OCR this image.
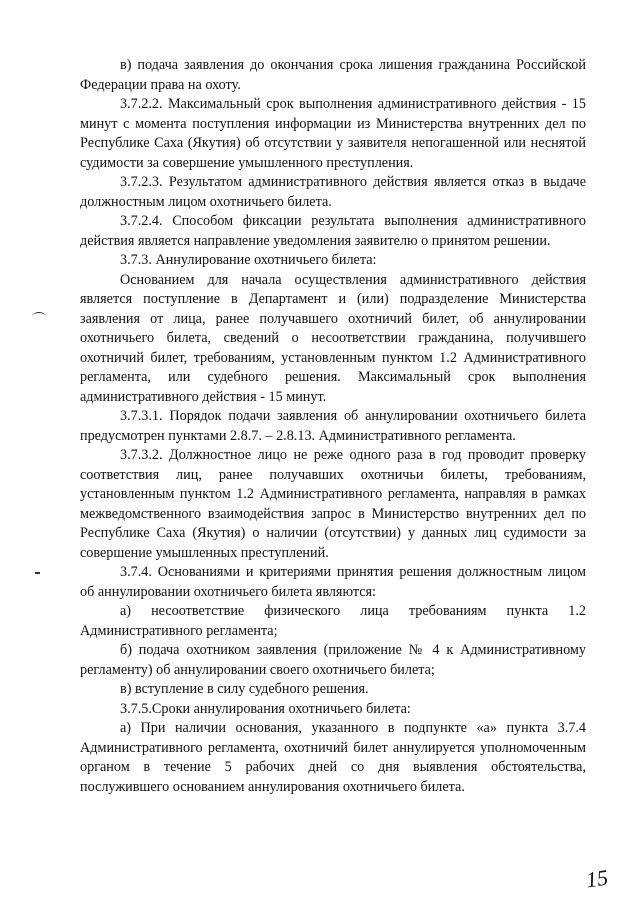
в) подача заявления до окончания срока лишения гражданина Российской Федерации права на охоту.

3.7.2.2. Максимальный срок выполнения административного действия - 15 минут с момента поступления информации из Министерства внутренних дел по Республике Саха (Якутия) об отсутствии у заявителя непогашенной или неснятой судимости за совершение умышленного преступления.

3.7.2.3. Результатом административного действия является отказ в выдаче должностным лицом охотничьего билета.

3.7.2.4. Способом фиксации результата выполнения административного действия является направление уведомления заявителю о принятом решении.

3.7.3. Аннулирование охотничьего билета:

Основанием для начала осуществления административного действия является поступление в Департамент и (или) подразделение Министерства заявления от лица, ранее получавшего охотничий билет, об аннулировании охотничьего билета, сведений о несоответствии гражданина, получившего охотничий билет, требованиям, установленным пунктом 1.2 Административного регламента, или судебного решения. Максимальный срок выполнения административного действия - 15 минут.

3.7.3.1. Порядок подачи заявления об аннулировании охотничьего билета предусмотрен пунктами 2.8.7. – 2.8.13. Административного регламента.

3.7.3.2. Должностное лицо не реже одного раза в год проводит проверку соответствия лиц, ранее получавших охотничьи билеты, требованиям, установленным пунктом 1.2 Административного регламента, направляя в рамках межведомственного взаимодействия запрос в Министерство внутренних дел по Республике Саха (Якутия) о наличии (отсутствии) у данных лиц судимости за совершение умышленных преступлений.

3.7.4. Основаниями и критериями принятия решения должностным лицом об аннулировании охотничьего билета являются:

а) несоответствие физического лица требованиям пункта 1.2 Административного регламента;

б) подача охотником заявления (приложение № 4 к Административному регламенту) об аннулировании своего охотничьего билета;

в) вступление в силу судебного решения.

3.7.5.Сроки аннулирования охотничьего билета:

а) При наличии основания, указанного в подпункте «а» пункта 3.7.4 Административного регламента, охотничий билет аннулируется уполномоченным органом в течение 5 рабочих дней со дня выявления обстоятельства, послужившего основанием аннулирования охотничьего билета.

15
